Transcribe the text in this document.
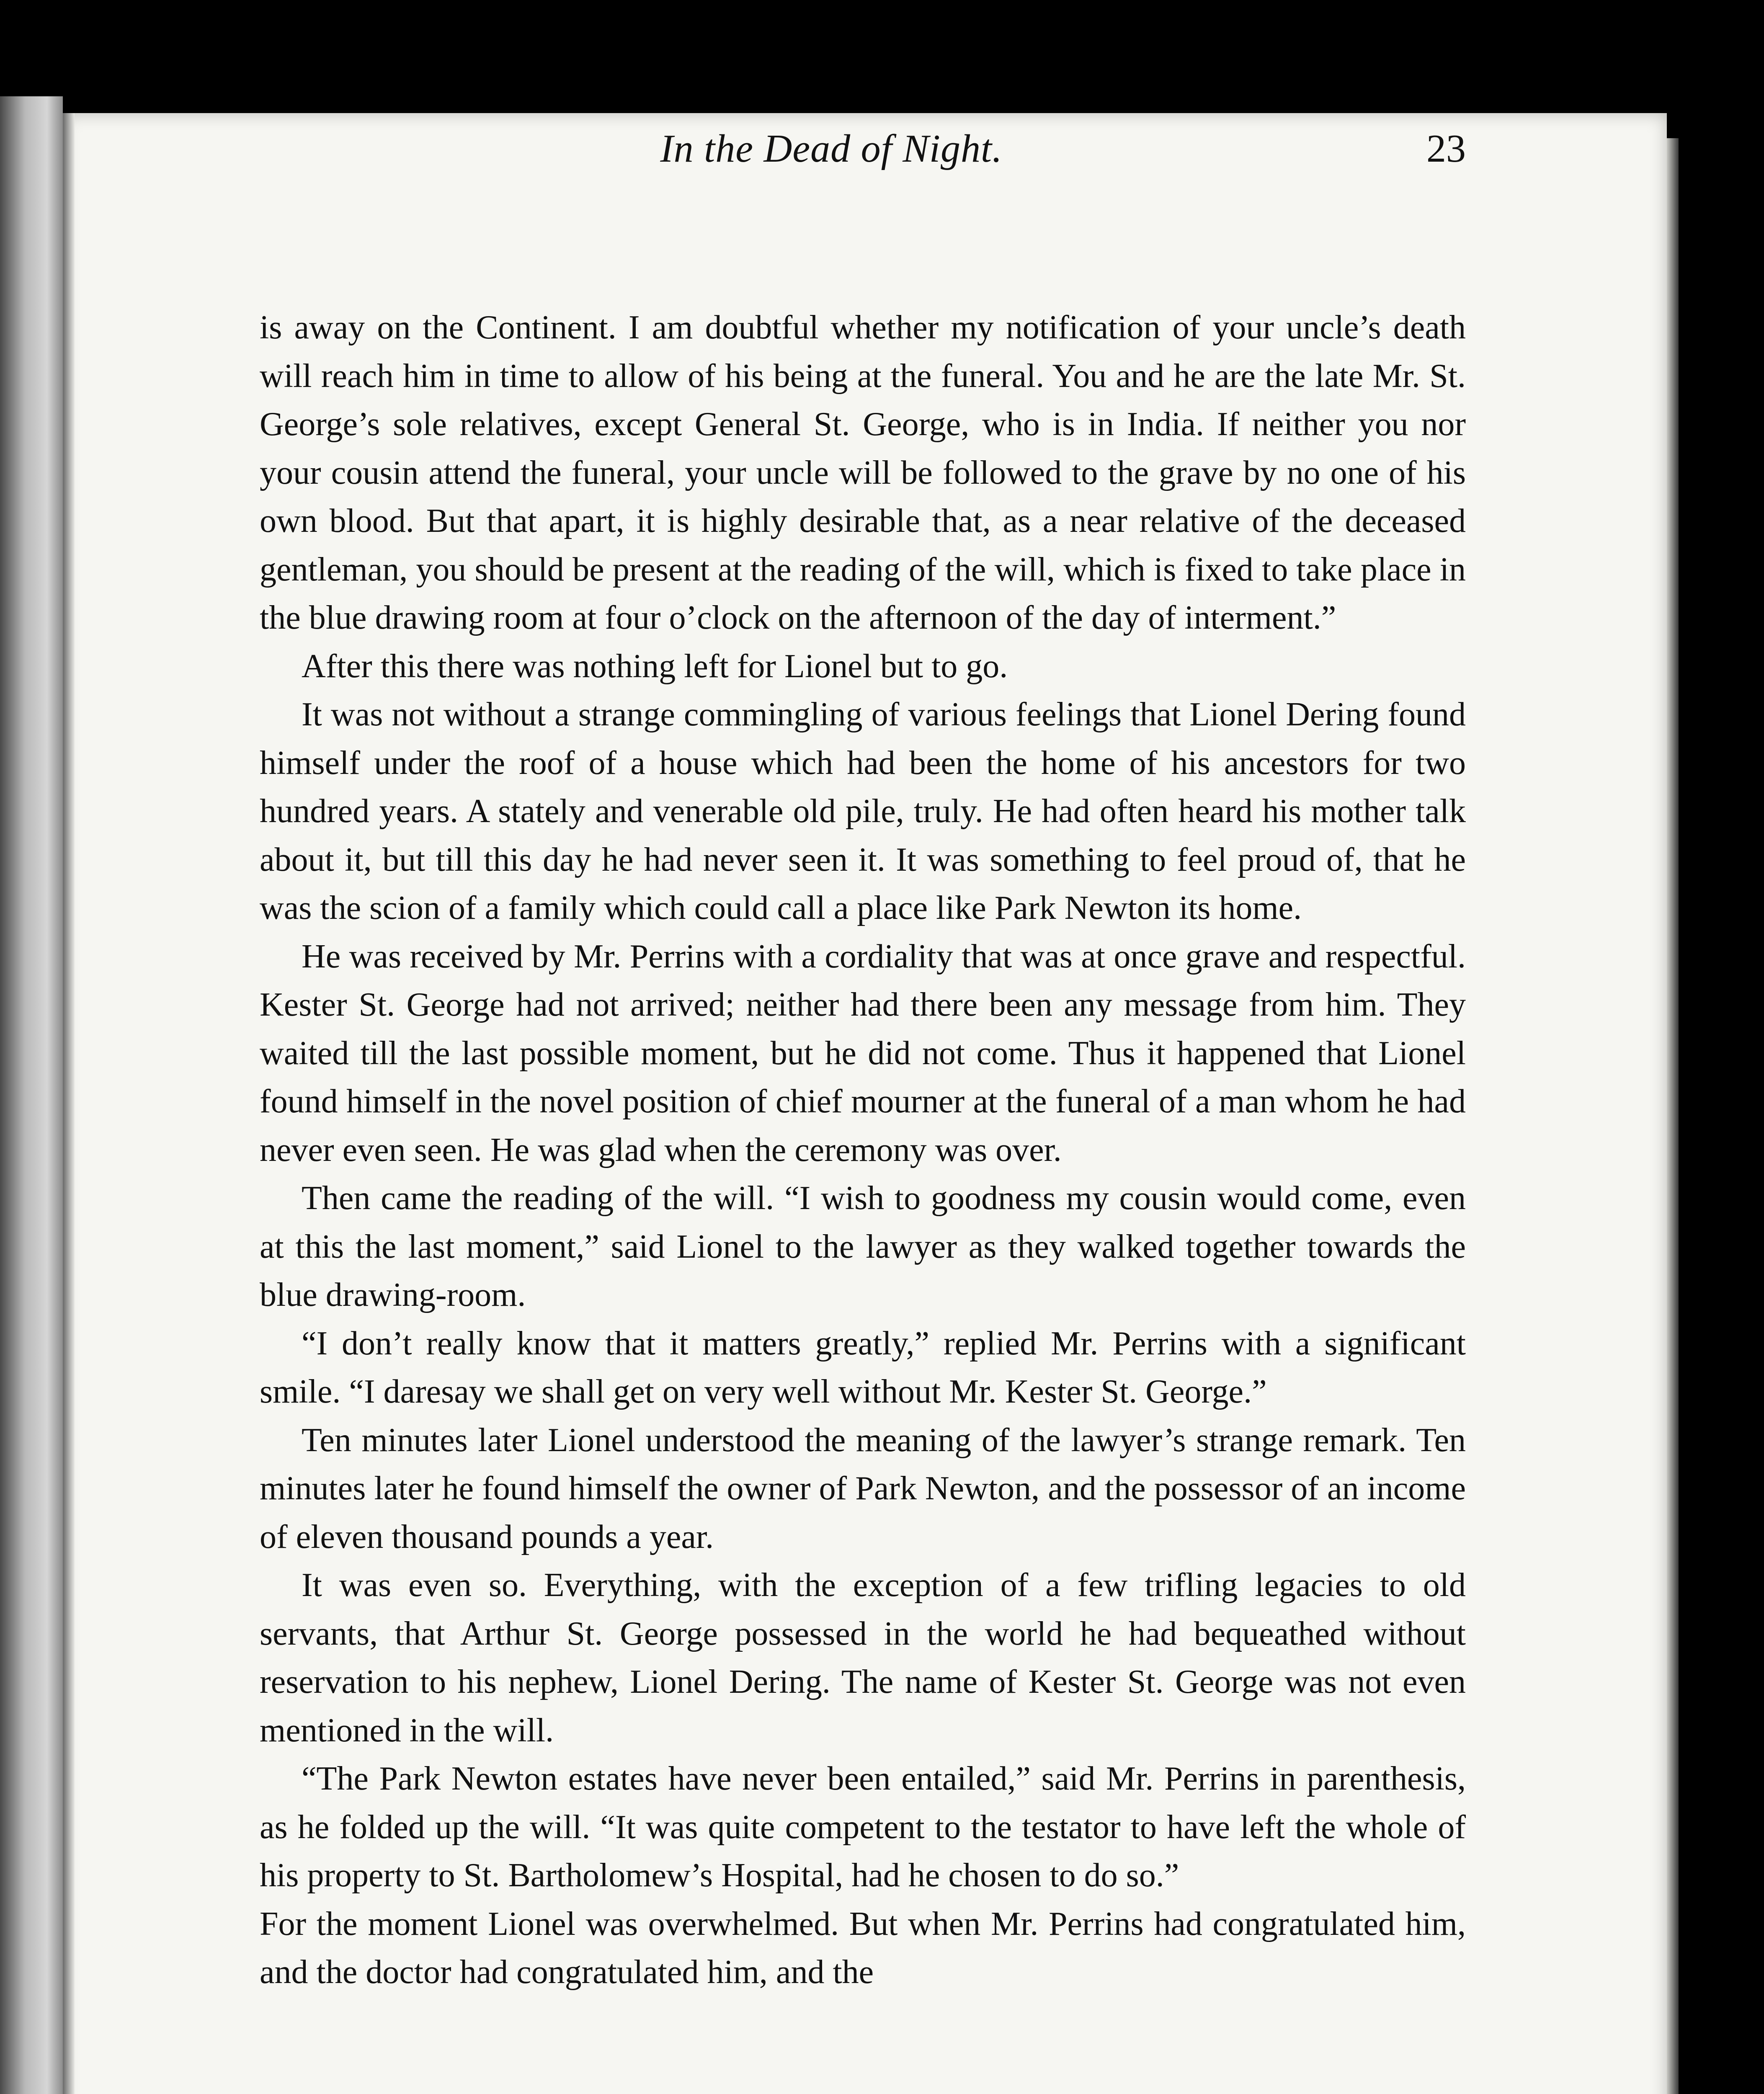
In the Dead of Night.	23

is away on the Continent. I am doubtful whether my notification of your uncle’s death will reach him in time to allow of his being at the funeral. You and he are the late Mr. St. George’s sole relatives, except General St. George, who is in India. If neither you nor your cousin attend the funeral, your uncle will be followed to the grave by no one of his own blood. But that apart, it is highly desirable that, as a near relative of the deceased gentleman, you should be present at the reading of the will, which is fixed to take place in the blue drawing room at four o’clock on the afternoon of the day of interment.”

After this there was nothing left for Lionel but to go.

It was not without a strange commingling of various feelings that Lionel Dering found himself under the roof of a house which had been the home of his ancestors for two hundred years. A stately and venerable old pile, truly. He had often heard his mother talk about it, but till this day he had never seen it. It was something to feel proud of, that he was the scion of a family which could call a place like Park Newton its home.

He was received by Mr. Perrins with a cordiality that was at once grave and respectful. Kester St. George had not arrived; neither had there been any message from him. They waited till the last possible moment, but he did not come. Thus it happened that Lionel found himself in the novel position of chief mourner at the funeral of a man whom he had never even seen. He was glad when the ceremony was over.

Then came the reading of the will. “I wish to goodness my cousin would come, even at this the last moment,” said Lionel to the lawyer as they walked together towards the blue drawing-room.

“I don’t really know that it matters greatly,” replied Mr. Perrins with a significant smile. “I daresay we shall get on very well without Mr. Kester St. George.”

Ten minutes later Lionel understood the meaning of the lawyer’s strange remark. Ten minutes later he found himself the owner of Park Newton, and the possessor of an income of eleven thousand pounds a year.

It was even so. Everything, with the exception of a few trifling legacies to old servants, that Arthur St. George possessed in the world he had bequeathed without reservation to his nephew, Lionel Dering. The name of Kester St. George was not even mentioned in the will.

“The Park Newton estates have never been entailed,” said Mr. Perrins in parenthesis, as he folded up the will. “It was quite competent to the testator to have left the whole of his property to St. Bartholomew’s Hospital, had he chosen to do so.”

For the moment Lionel was overwhelmed. But when Mr. Perrins had congratulated him, and the doctor had congratulated him, and the
